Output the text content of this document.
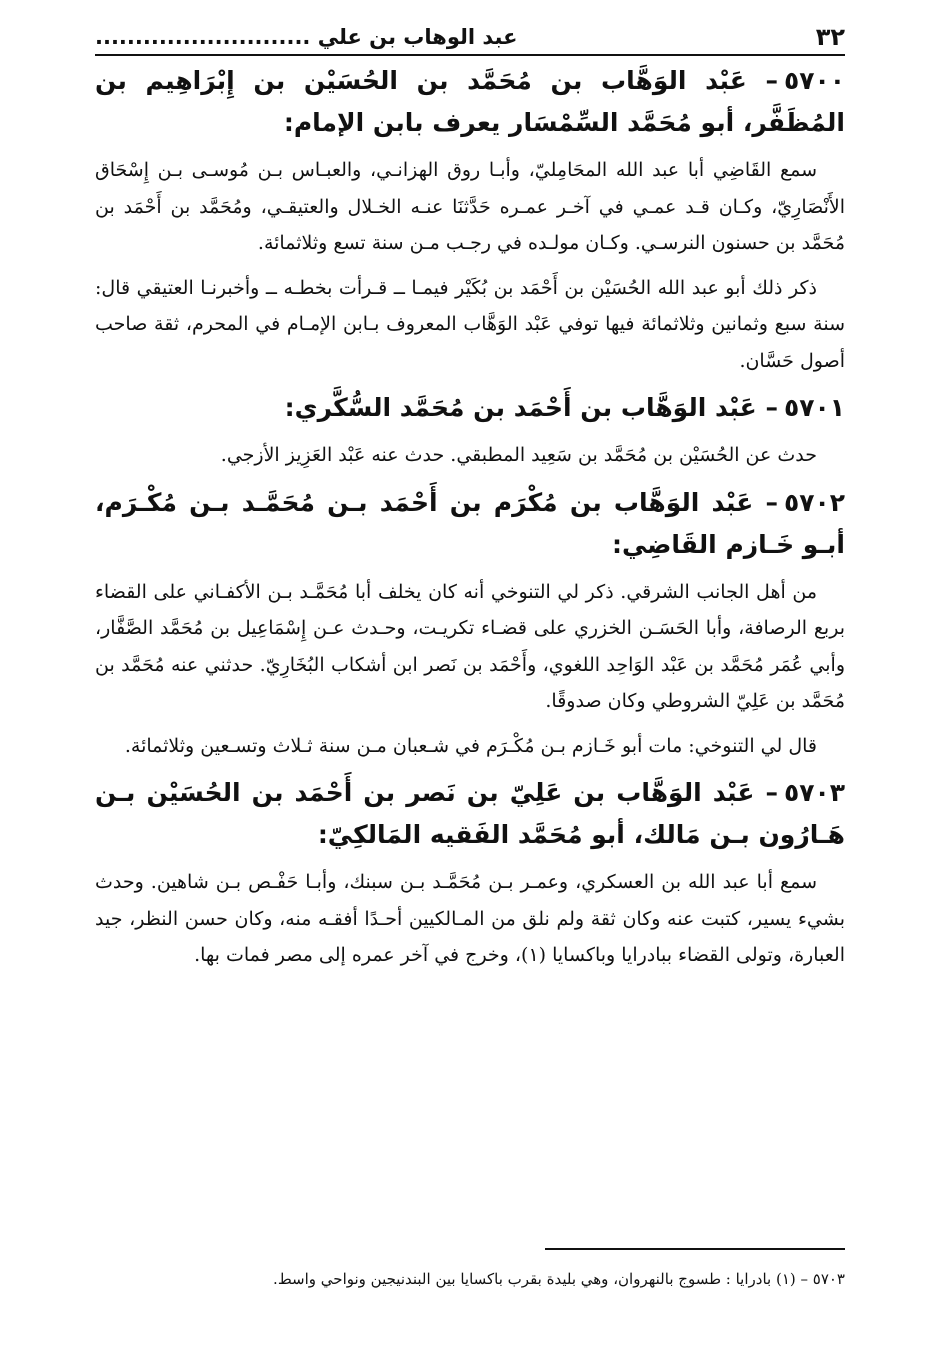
٣٢
عبد الوهاب بن علي ...........................

٥٧٠٠– عَبْد الوَهَّاب بن مُحَمَّد بن الحُسَيْن بن إِبْرَاهِيم بن المُظَفَّر، أبو مُحَمَّد السِّمْسَار يعرف بابن الإمام:

سمع القَاضِي أبا عبد الله المحَامِليّ، وأبـا روق الهزانـي، والعبـاس بـن مُوسـى بـن إِسْحَاق الأَنْصَارِيّ، وكـان قـد عمـي في آخـر عمـره حَدَّثنَا عنـه الخـلال والعتيقـي، ومُحَمَّد بن أَحْمَد بن مُحَمَّد بن حسنون النرسـي. وكـان مولـده في رجـب مـن سنة تسع وثلاثمائة.

ذكر ذلك أبو عبد الله الحُسَيْن بن أَحْمَد بن بُكَيْر فيمـا ــ قـرأت بخطـه ــ وأخبرنـا العتيقي قال: سنة سبع وثمانين وثلاثمائة فيها توفي عَبْد الوَهَّاب المعروف بـابن الإمـام في المحرم، ثقة صاحب أصول حَسَّان.

٥٧٠١– عَبْد الوَهَّاب بن أَحْمَد بن مُحَمَّد السُّكَّري:

حدث عن الحُسَيْن بن مُحَمَّد بن سَعِيد المطبقي. حدث عنه عَبْد العَزِيز الأزجي.

٥٧٠٢– عَبْد الوَهَّاب بن مُكْرَم بن أَحْمَد بـن مُحَمَّـد بـن مُكْـرَم، أبـو خَـازم القَاضِي:

من أهل الجانب الشرقي. ذكر لي التنوخي أنه كان يخلف أبا مُحَمَّـد بـن الأكفـاني على القضاء بربع الرصافة، وأبا الحَسَـن الخزري على قضـاء تكريـت، وحـدث عـن إِسْمَاعِيل بن مُحَمَّد الصَّفَّار، وأبي عُمَر مُحَمَّد بن عَبْد الوَاحِد اللغوي، وأَحْمَد بن نَصر ابن أشكاب البُخَارِيّ. حدثني عنه مُحَمَّد بن مُحَمَّد بن عَلِيّ الشروطي وكان صدوقًا.

قال لي التنوخي: مات أبو خَـازم بـن مُكْـرَم في شـعبان مـن سنة ثـلاث وتسـعين وثلاثمائة.

٥٧٠٣– عَبْد الوَهَّاب بن عَلِيّ بن نَصر بن أَحْمَد بن الحُسَيْن بـن هَـارُون بـن مَالك، أبو مُحَمَّد الفَقيه المَالكِيّ:

سمع أبا عبد الله بن العسكري، وعمـر بـن مُحَمَّـد بـن سبنك، وأبـا حَفْـص بـن شاهين. وحدث بشيء يسير، كتبت عنه وكان ثقة ولم نلق من المـالكيين أحـدًا أفقـه منه، وكان حسن النظر، جيد العبارة، وتولى القضاء ببادرايا وباكسايا (١)، وخرج في آخر عمره إلى مصر فمات بها.

٥٧٠٣ – (١) بادرايا : طسوج بالنهروان، وهي بليدة بقرب باكسايا بين البندنيجين ونواحي واسط.
